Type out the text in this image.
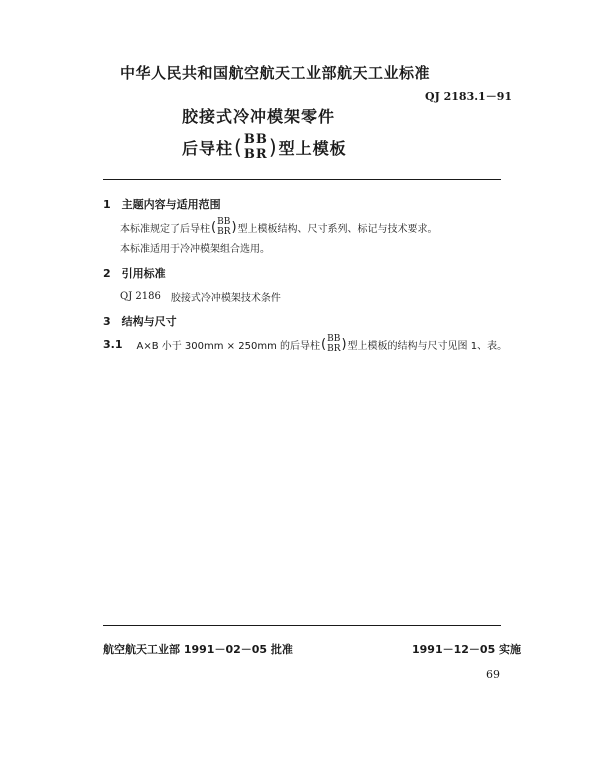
中华人民共和国航空航天工业部航天工业标准
QJ 2183.1－91
胶接式冷冲模架零件
后导柱 ( BB
BR ) 型上模板
1　主题内容与适用范围
本标准规定了后导柱 ( BB
BR ) 型上模板结构、尺寸系列、标记与技术要求。
本标准适用于冷冲模架组合选用。
2　引用标准
QJ 2186 胶接式冷冲模架技术条件
3　结构与尺寸
3.1 A×B 小于 300mm × 250mm 的后导柱 ( BB
BR ) 型上模板的结构与尺寸见图 1、表。
航空航天工业部 1991－02－05 批准	1991－12－05 实施
69
